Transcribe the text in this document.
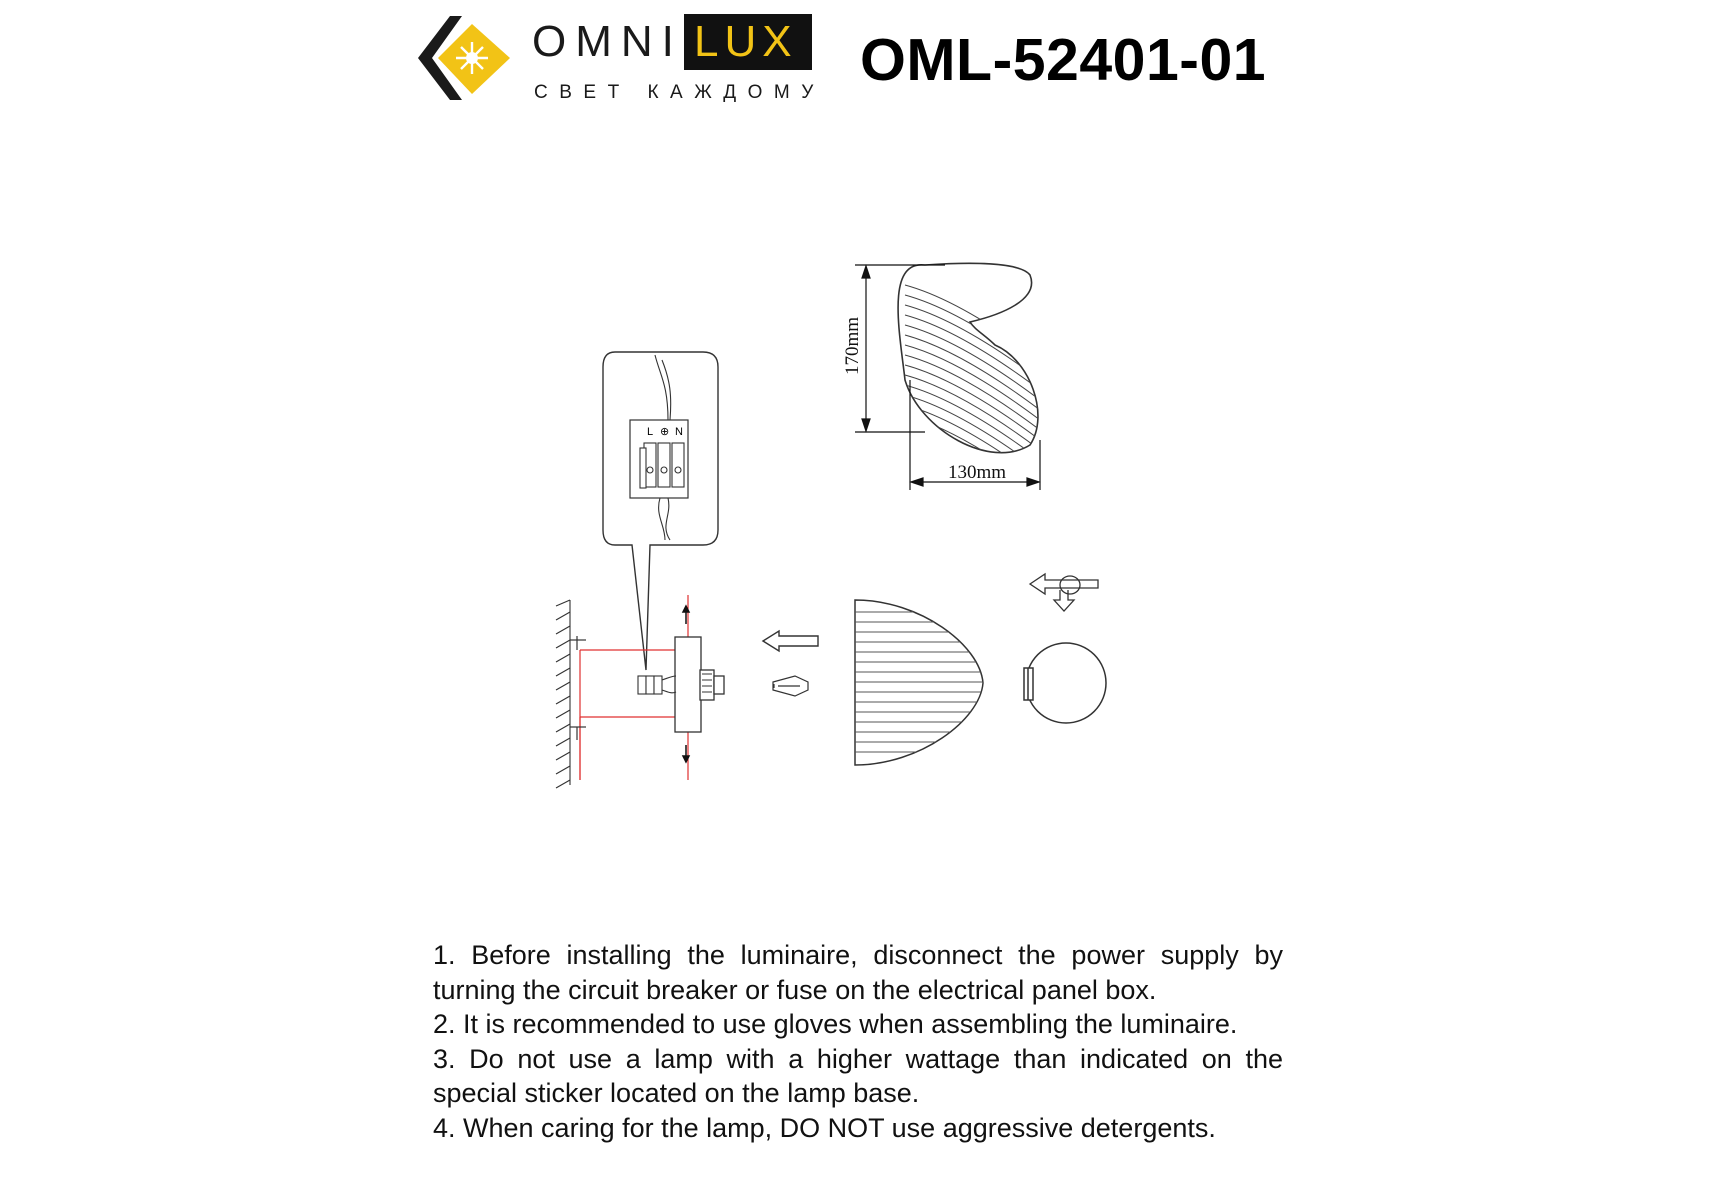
OMNI LUX
СВЕТ КАЖДОМУ OML-52401-01
170mm
130mm
L ⊕ N

1. Before installing the luminaire, disconnect the power supply by turning the circuit breaker or fuse on the electrical panel box.

2. It is recommended to use gloves when assembling the luminaire.

3. Do not use a lamp with a higher wattage than indicated on the special sticker located on the lamp base.

4. When caring for the lamp, DO NOT use aggressive detergents.
